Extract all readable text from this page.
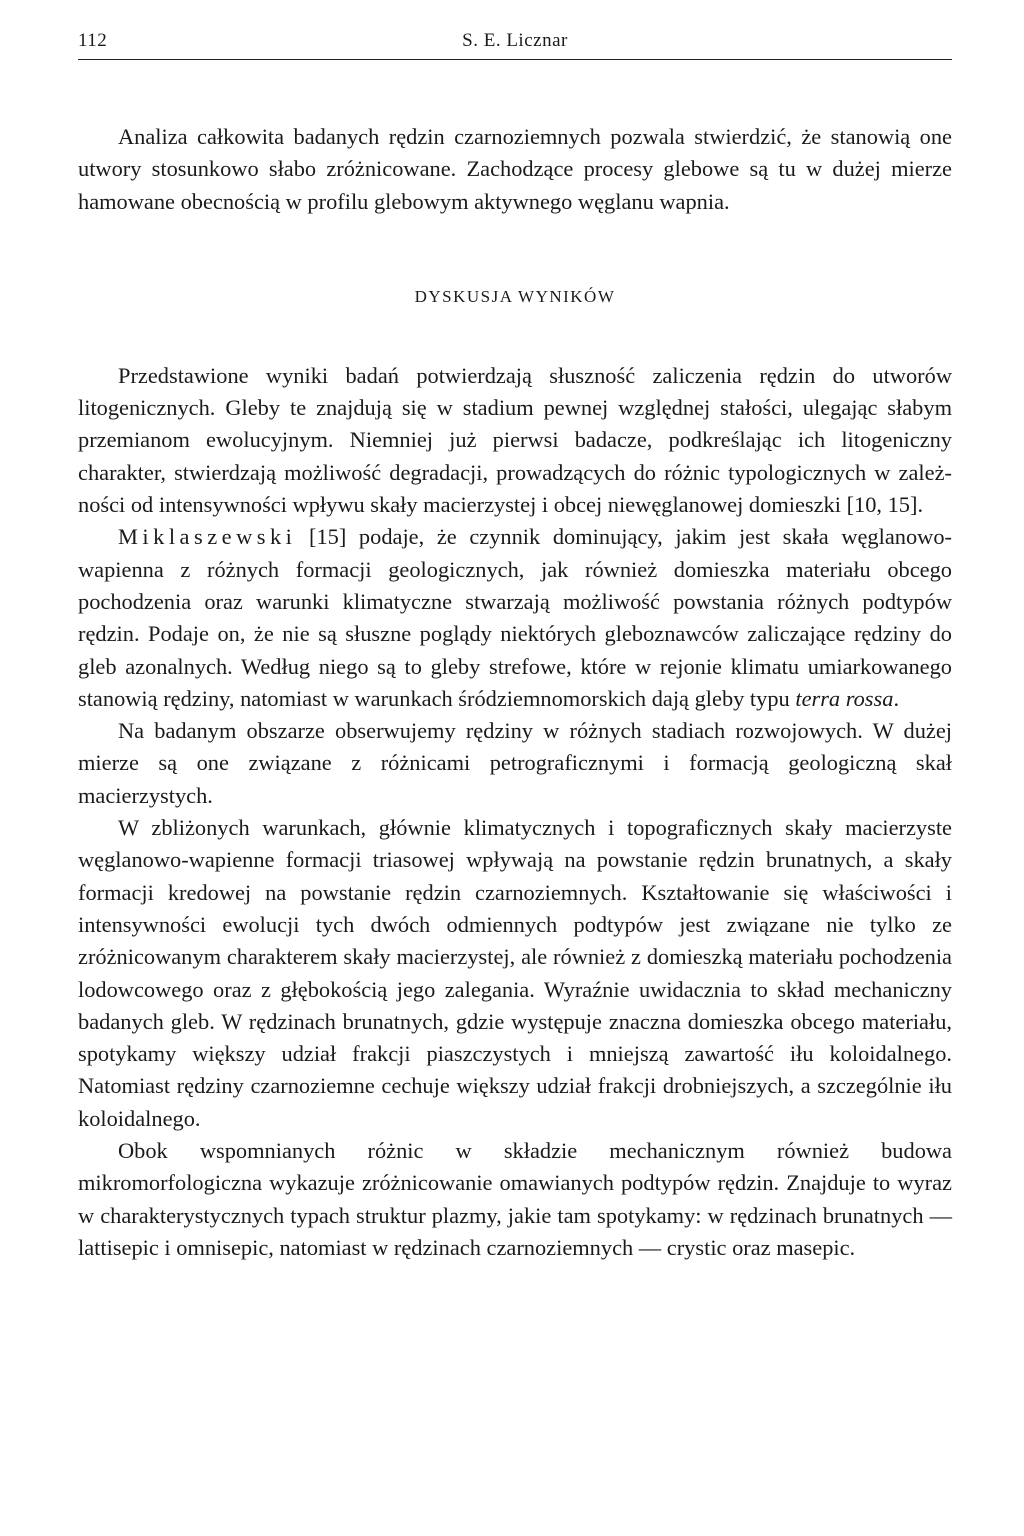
112	S. E. Licznar

Analiza całkowita badanych rędzin czarnoziemnych pozwala stwierdzić, że stanowią one utwory stosunkowo słabo zróżnicowane. Zachodzące procesy glebowe są tu w dużej mierze hamowane obecnością w profilu glebowym aktywnego węglanu wapnia.

DYSKUSJA WYNIKÓW

Przedstawione wyniki badań potwierdzają słuszność zaliczenia rędzin do utworów litogenicznych. Gleby te znajdują się w stadium pewnej względnej stałości, ulegając słabym przemianom ewolucyjnym. Niemniej już pierwsi badacze, podkreślając ich litogeniczny charakter, stwierdzają możliwość degradacji, prowadzących do różnic typologicznych w zależności od intensywności wpływu skały macierzystej i obcej niewęglanowej domieszki [10, 15].

Miklaszewski [15] podaje, że czynnik dominujący, jakim jest skała węglanowo-wapienna z różnych formacji geologicznych, jak również domieszka materiału obcego pochodzenia oraz warunki klimatyczne stwarzają możliwość powstania różnych podtypów rędzin. Podaje on, że nie są słuszne poglądy niektórych gleboznawców zaliczające rędziny do gleb azonalnych. Według niego są to gleby strefowe, które w rejonie klimatu umiarkowanego stanowią rędziny, natomiast w warunkach śródziemnomorskich dają gleby typu terra rossa.

Na badanym obszarze obserwujemy rędziny w różnych stadiach rozwojowych. W dużej mierze są one związane z różnicami petrograficznymi i formacją geologiczną skał macierzystych.

W zbliżonych warunkach, głównie klimatycznych i topograficznych skały macierzyste węglanowo-wapienne formacji triasowej wpływają na powstanie rędzin brunatnych, a skały formacji kredowej na powstanie rędzin czarnoziemnych. Kształtowanie się właściwości i intensywności ewolucji tych dwóch odmiennych podtypów jest związane nie tylko ze zróżnicowanym charakterem skały macierzystej, ale również z domieszką materiału pochodzenia lodowcowego oraz z głębokością jego zalegania. Wyraźnie uwidacznia to skład mechaniczny badanych gleb. W rędzinach brunatnych, gdzie występuje znaczna domieszka obcego materiału, spotykamy większy udział frakcji piaszczystych i mniejszą zawartość iłu koloidalnego. Natomiast rędziny czarnoziemne cechuje większy udział frakcji drobniejszych, a szczególnie iłu koloidalnego.

Obok wspomnianych różnic w składzie mechanicznym również budowa mikromorfologiczna wykazuje zróżnicowanie omawianych podtypów rędzin. Znajduje to wyraz w charakterystycznych typach struktur plazmy, jakie tam spotykamy: w rędzinach brunatnych — lattisepic i omnisepic, natomiast w rędzinach czarnoziemnych — crystic oraz masepic.
